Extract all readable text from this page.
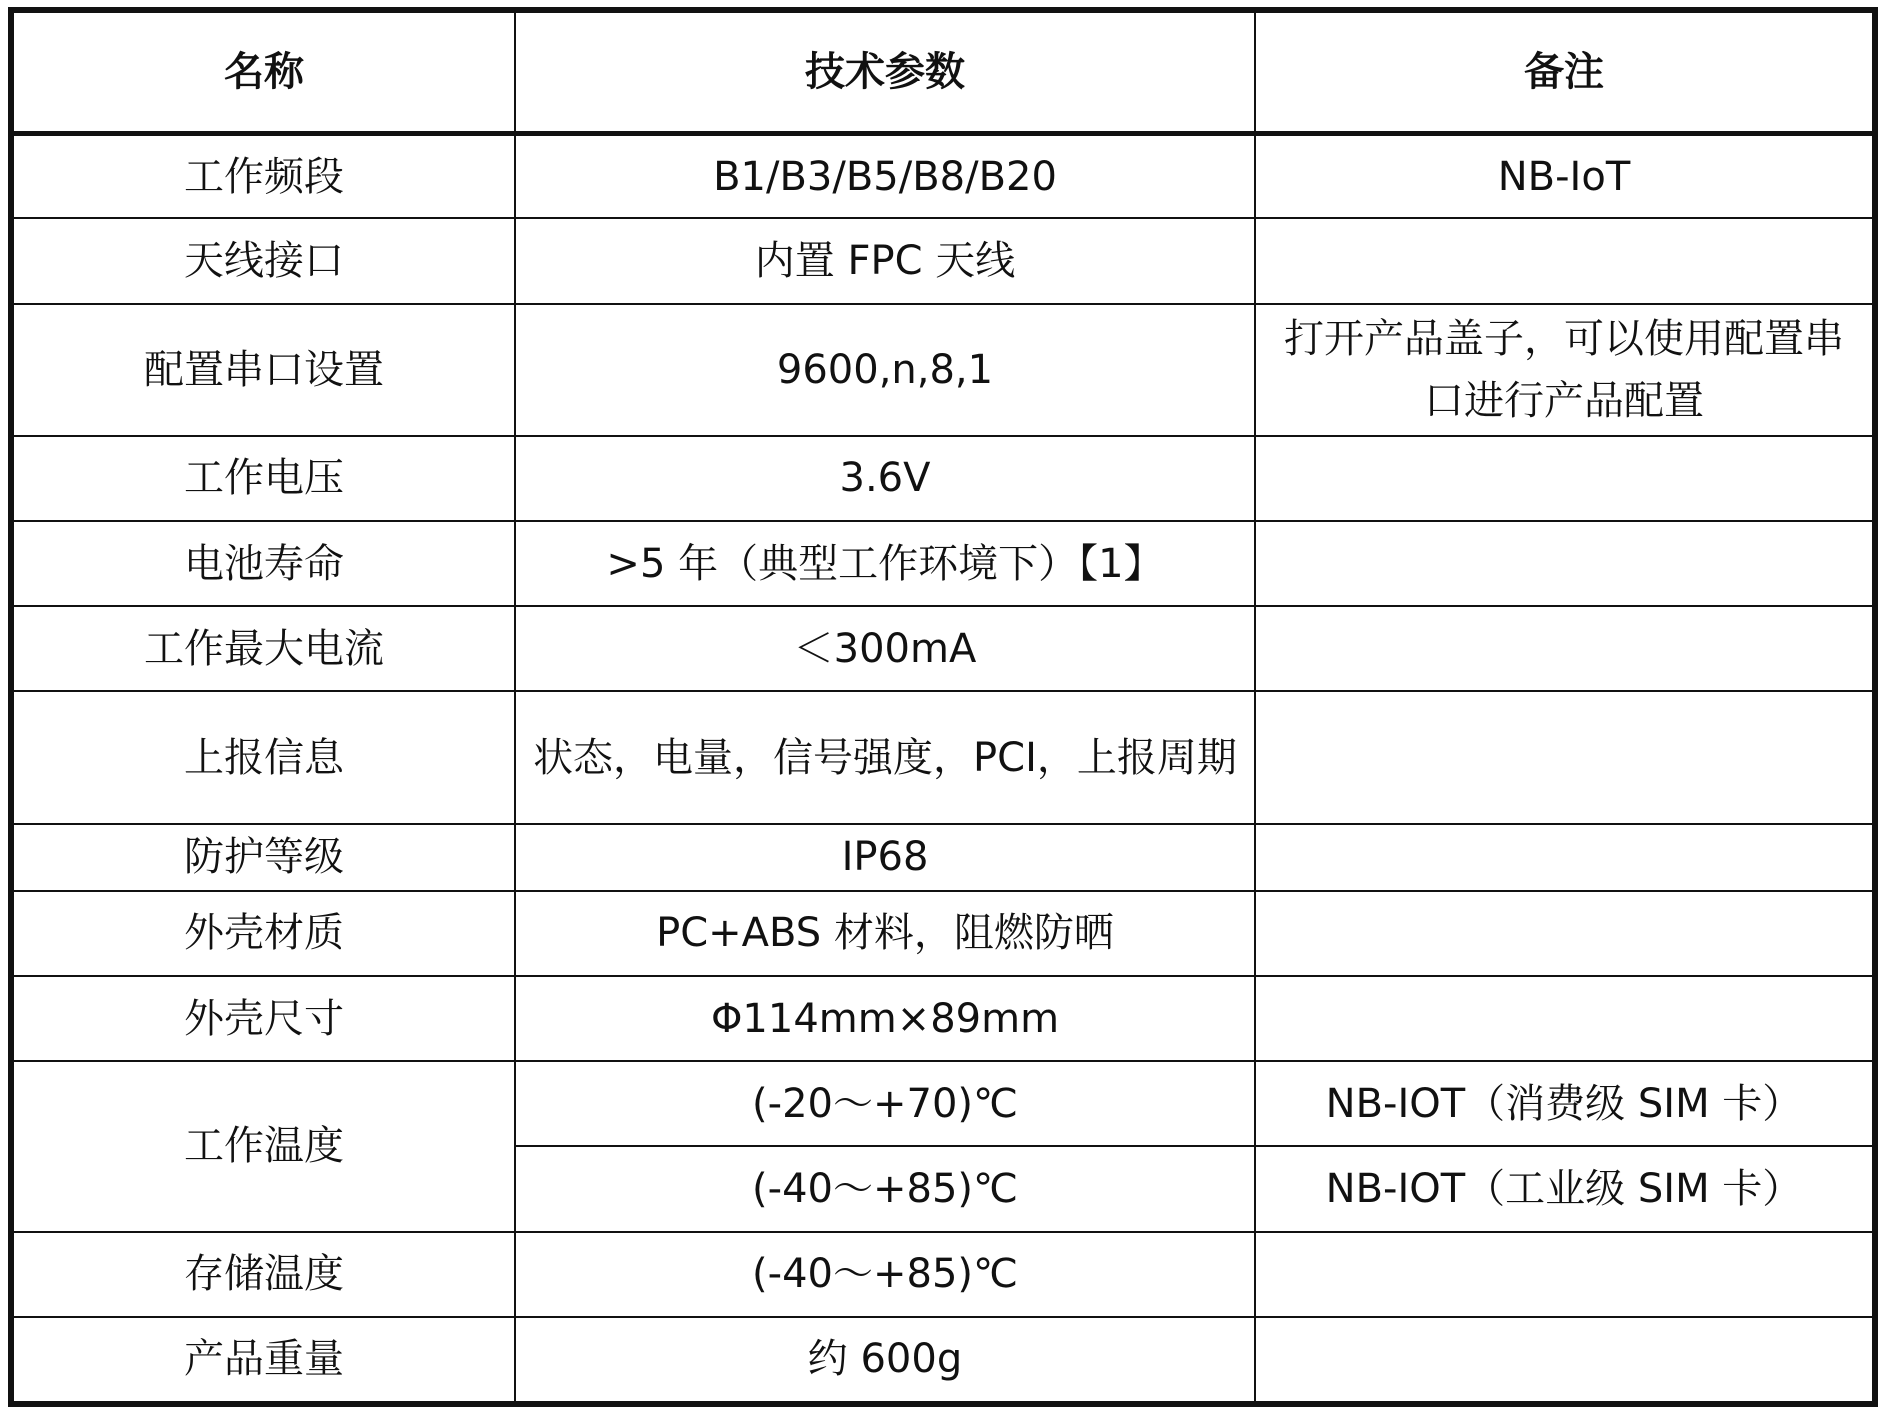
名称	技术参数	备注
工作频段	B1/B3/B5/B8/B20	NB-IoT
天线接口	内置 FPC 天线	
配置串口设置	9600,n,8,1	打开产品盖子，可以使用配置串口进行产品配置
工作电压	3.6V	
电池寿命	>5 年（典型工作环境下）【1】	
工作最大电流	＜300mA	
上报信息	状态，电量，信号强度，PCI，上报周期	
防护等级	IP68	
外壳材质	PC+ABS 材料，阻燃防晒	
外壳尺寸	Φ114mm×89mm	
工作温度	(-20～+70)℃	NB-IOT（消费级 SIM 卡）
	(-40～+85)℃	NB-IOT（工业级 SIM 卡）
存储温度	(-40～+85)℃	
产品重量	约 600g	
